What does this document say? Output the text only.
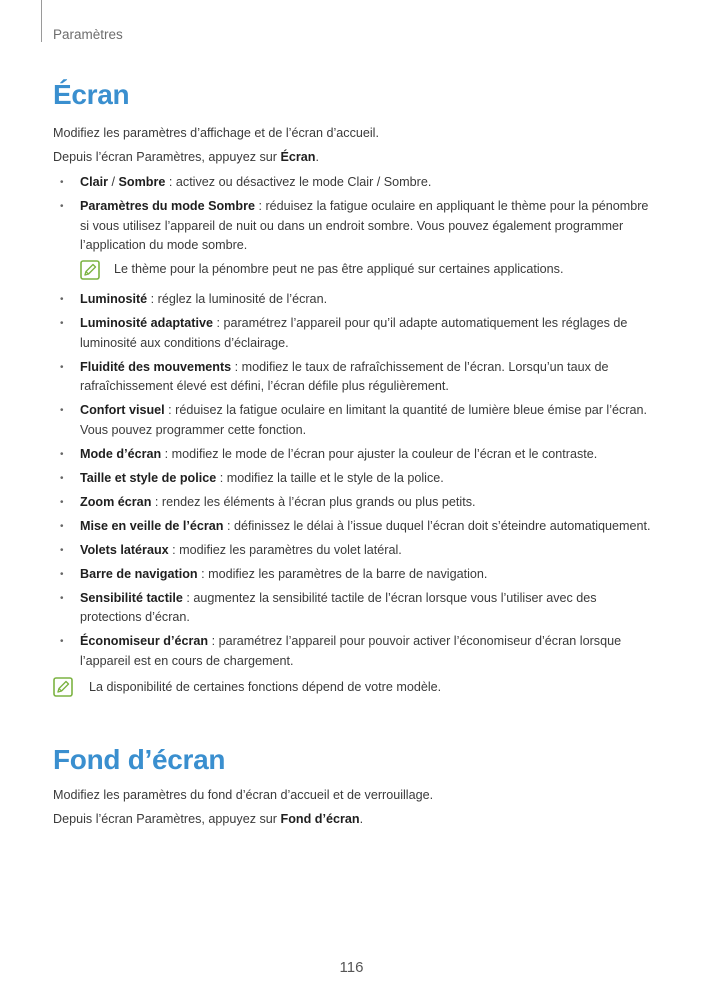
Paramètres
Écran

Modifiez les paramètres d’affichage et de l’écran d’accueil.

Depuis l’écran Paramètres, appuyez sur Écran.

• Clair / Sombre : activez ou désactivez le mode Clair / Sombre.
• Paramètres du mode Sombre : réduisez la fatigue oculaire en appliquant le thème pour la pénombre si vous utilisez l’appareil de nuit ou dans un endroit sombre. Vous pouvez également programmer l’application du mode sombre.
Le thème pour la pénombre peut ne pas être appliqué sur certaines applications.
• Luminosité : réglez la luminosité de l’écran.
• Luminosité adaptative : paramétrez l’appareil pour qu’il adapte automatiquement les réglages de luminosité aux conditions d’éclairage.
• Fluidité des mouvements : modifiez le taux de rafraîchissement de l’écran. Lorsqu’un taux de rafraîchissement élevé est défini, l’écran défile plus régulièrement.
• Confort visuel : réduisez la fatigue oculaire en limitant la quantité de lumière bleue émise par l’écran. Vous pouvez programmer cette fonction.
• Mode d’écran : modifiez le mode de l’écran pour ajuster la couleur de l’écran et le contraste.
• Taille et style de police : modifiez la taille et le style de la police.
• Zoom écran : rendez les éléments à l’écran plus grands ou plus petits.
• Mise en veille de l’écran : définissez le délai à l’issue duquel l’écran doit s’éteindre automatiquement.
• Volets latéraux : modifiez les paramètres du volet latéral.
• Barre de navigation : modifiez les paramètres de la barre de navigation.
• Sensibilité tactile : augmentez la sensibilité tactile de l’écran lorsque vous l’utiliser avec des protections d’écran.
• Économiseur d’écran : paramétrez l’appareil pour pouvoir activer l’économiseur d’écran lorsque l’appareil est en cours de chargement.
La disponibilité de certaines fonctions dépend de votre modèle.
Fond d’écran

Modifiez les paramètres du fond d’écran d’accueil et de verrouillage.

Depuis l’écran Paramètres, appuyez sur Fond d’écran.

116
